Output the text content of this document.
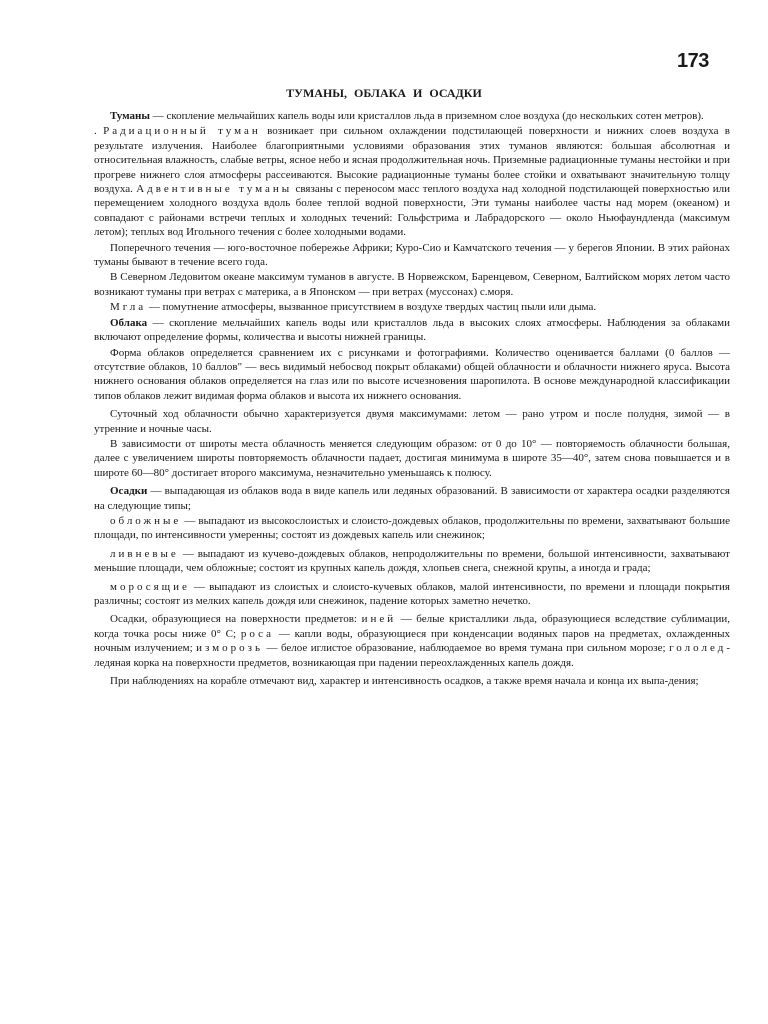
173
ТУМАНЫ, ОБЛАКА И ОСАДКИ

Туманы — скопление мельчайших капель воды или кристаллов льда в приземном слое воздуха (до нескольких сотен метров).

. Радиационный туман возникает при сильном охлаждении подстилающей поверхности и нижних слоев воздуха в результате излучения. Наиболее благоприятными условиями образования этих туманов являются: большая абсолютная и относительная влажность, слабые ветры, ясное небо и ясная продолжительная ночь. Приземные радиационные туманы нестойки и при прогреве нижнего слоя атмосферы рассеиваются. Высокие радиационные туманы более стойки и охватывают значительную толщу воздуха. Адвентивные туманы связаны с переносом масс теплого воздуха над холодной подстилающей поверхностью или перемещением холодного воздуха вдоль более теплой водной поверхности, Эти туманы наиболее часты над морем (океаном) и совпадают с районами встречи теплых и холодных течений: Гольфстрима и Лабрадорского — около Ньюфаундленда (максимум летом); теплых вод Игольного течения с более холодными водами.

Поперечного течения — юго-восточное побережье Африки; Куро-Сио и Камчатского течения — у берегов Японии. В этих районах туманы бывают в течение всего года.

В Северном Ледовитом океане максимум туманов в августе. В Норвежском, Баренцевом, Северном, Балтийском морях летом часто возникают туманы при ветрах с материка, а в Японском — при ветрах (муссонах) с.моря.

Мгла — помутнение атмосферы, вызванное присутствием в воздухе твердых частиц пыли или дыма.

Облака — скопление мельчайших капель воды или кристаллов льда в высоких слоях атмосферы. Наблюдения за облаками включают определение формы, количества и высоты нижней границы.

Форма облаков определяется сравнением их с рисунками и фотографиями. Количество оценивается баллами (0 баллов — отсутствие облаков, 10 баллов" — весь видимый небосвод покрыт облаками) общей облачности и облачности нижнего яруса. Высота нижнего основания облаков определяется на глаз или по высоте исчезновения шаропилота. В основе международной классификации типов облаков лежит видимая форма облаков и высота их нижнего основания.

Суточный ход облачности обычно характеризуется двумя максимумами: летом — рано утром и после полудня, зимой — в утренние и ночные часы.

В зависимости от широты места облачность меняется следующим образом: от 0 до 10° — повторяемость облачности большая, далее с увеличением широты повторяемость облачности падает, достигая минимума в широте 35—40°, затем снова повышается и в широте 60—80° достигает второго максимума, незначительно уменьшаясь к полюсу.

Осадки — выпадающая из облаков вода в виде капель или ледяных образований. В зависимости от характера осадки разделяются на следующие типы;

обложные — выпадают из высокослоистых и слоисто-дождевых облаков, продолжительны по времени, захватывают большие площади, по интенсивности умеренны; состоят из дождевых капель или снежинок;

ливневые — выпадают из кучево-дождевых облаков, непродолжительны по времени, большой интенсивности, захватывают меньшие площади, чем обложные; состоят из крупных капель дождя, хлопьев снега, снежной крупы, а иногда и града;

моросящие — выпадают из слоистых и слоисто-кучевых облаков, малой интенсивности, по времени и площади покрытия различны; состоят из мелких капель дождя или снежинок, падение которых заметно нечетко.

Осадки, образующиеся на поверхности предметов: иней — белые кристаллики льда, образующиеся вследствие сублимации, когда точка росы ниже 0° С; роса — капли воды, образующиеся при конденсации водяных паров на предметах, охлажденных ночным излучением; изморозь — белое иглистое образование, наблюдаемое во время тумана при сильном морозе; гололед- ледяная корка на поверхности предметов, возникающая при падении переохлажденных капель дождя.

При наблюдениях на корабле отмечают вид, характер и интенсивность осадков, а также время начала и конца их выпа-дения;
